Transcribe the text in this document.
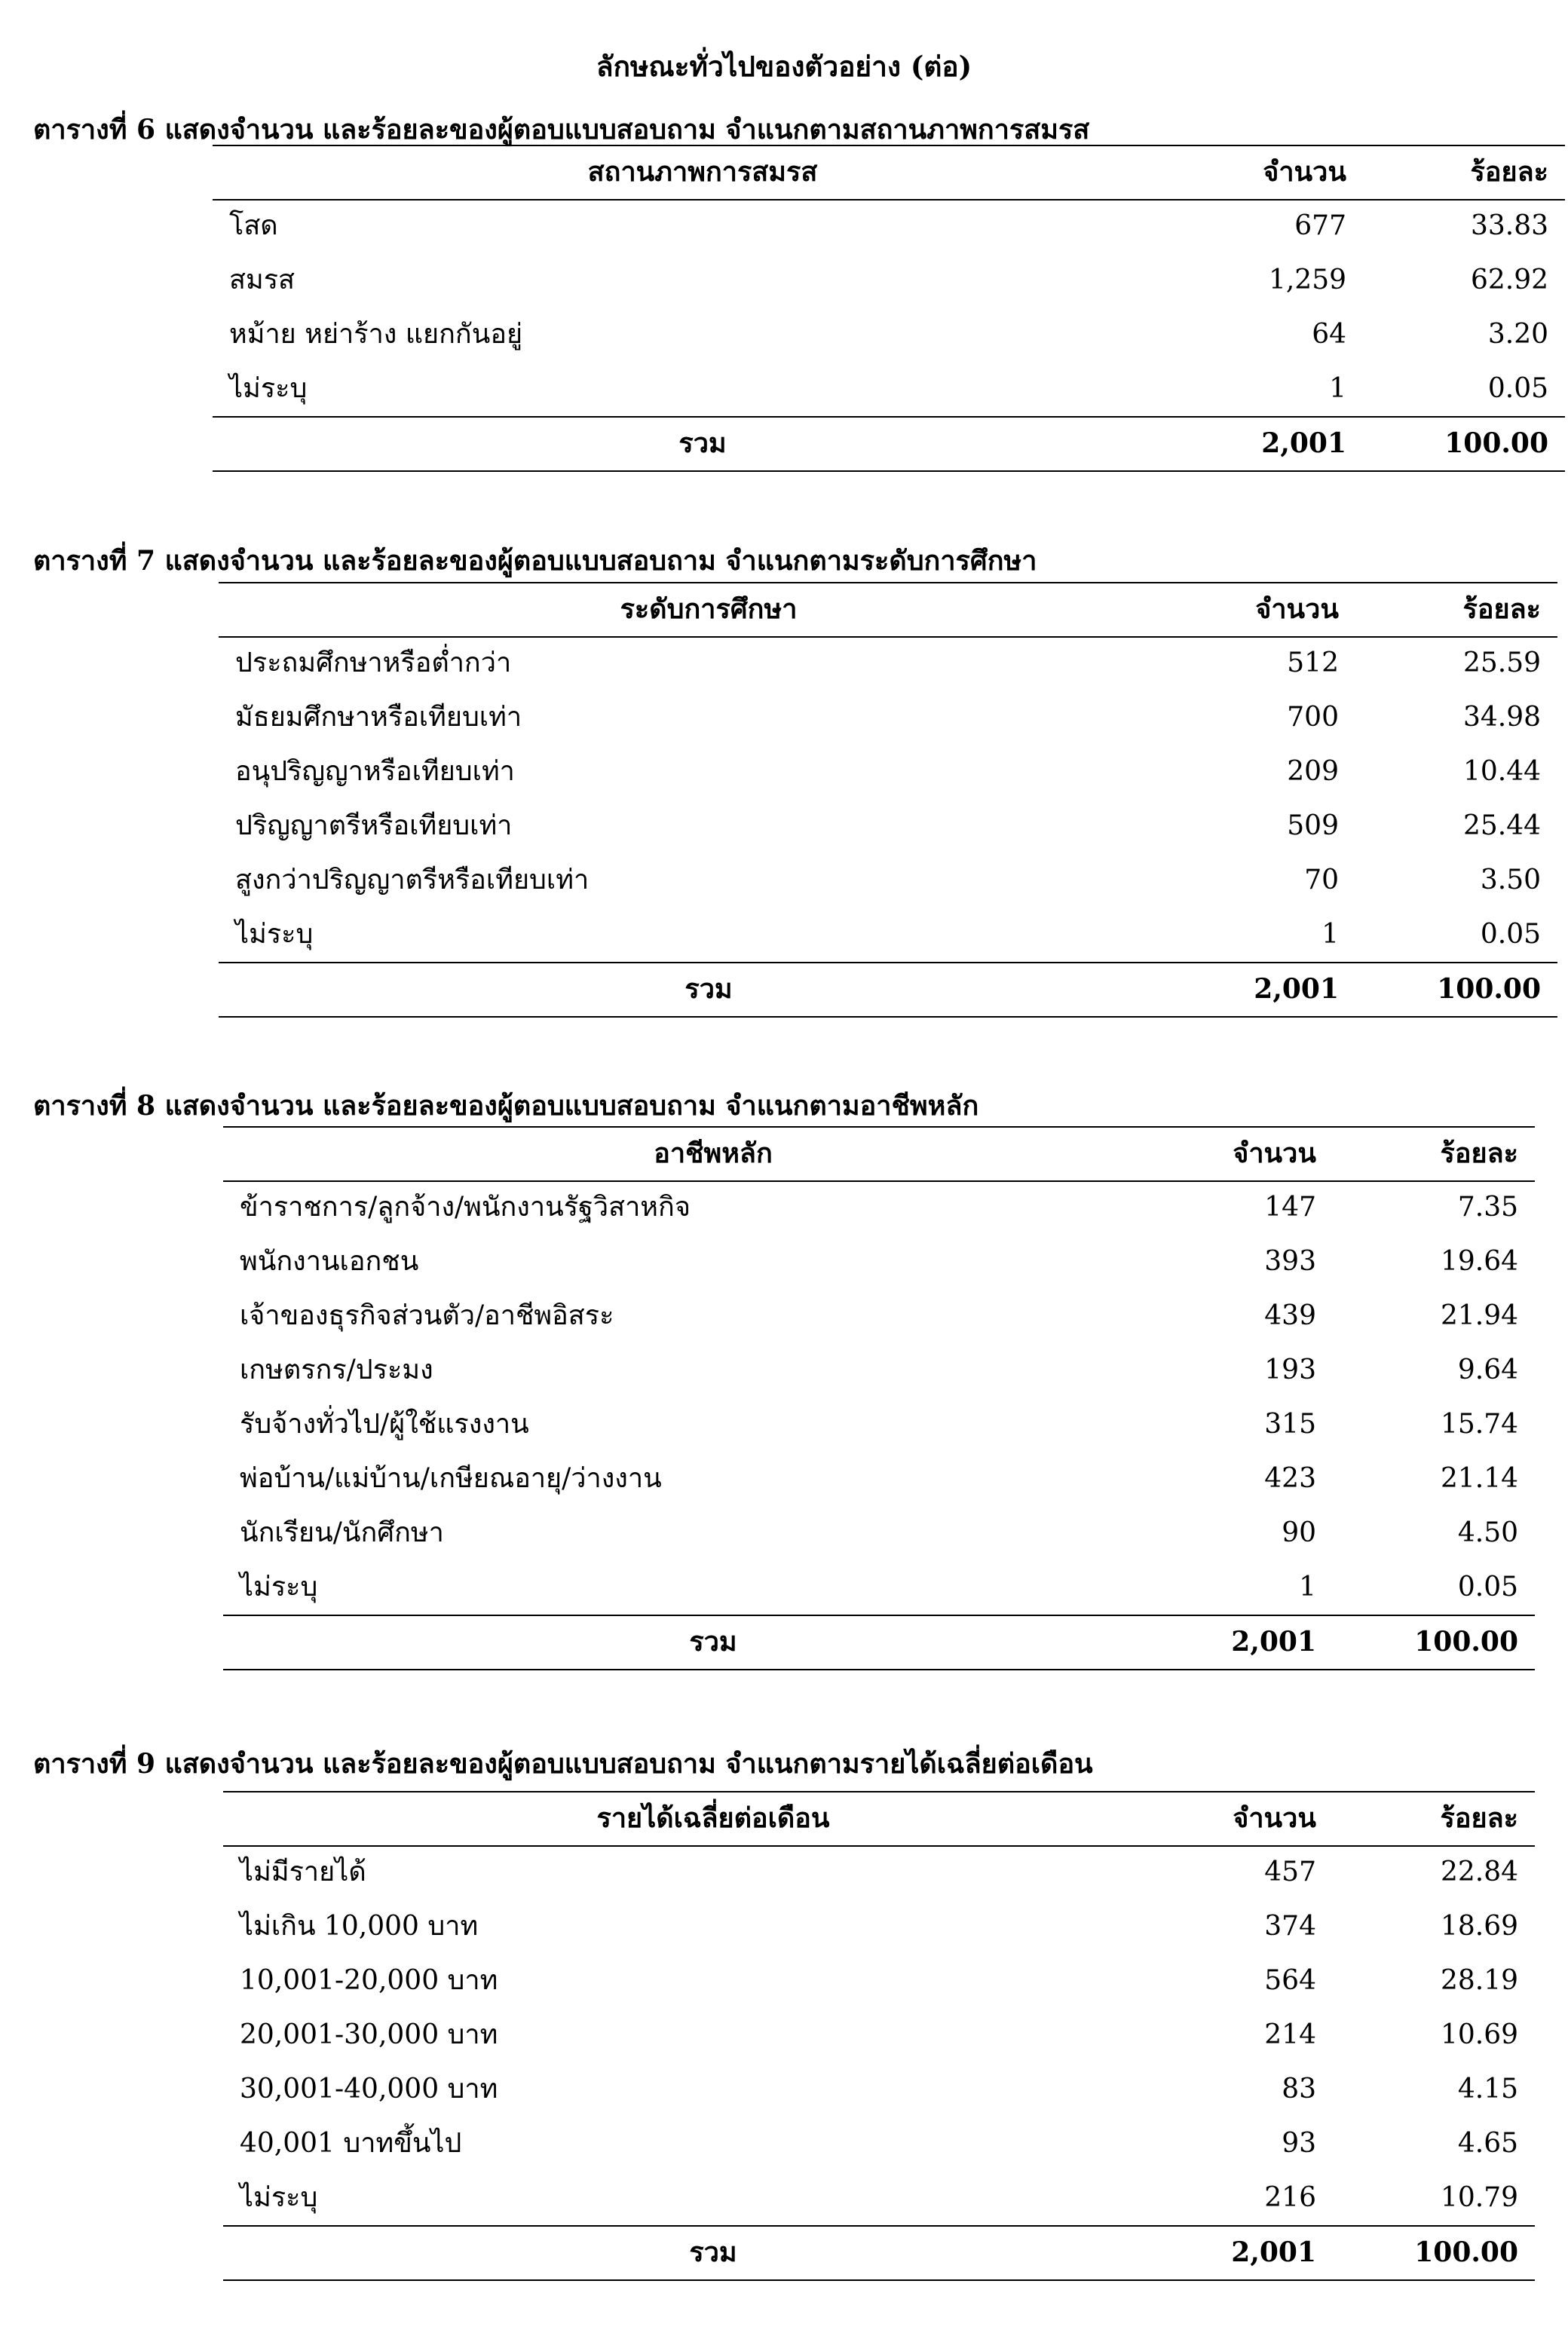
ลักษณะทั่วไปของตัวอย่าง (ต่อ)
ตารางที่ 6 แสดงจำนวน และร้อยละของผู้ตอบแบบสอบถาม จำแนกตามสถานภาพการสมรส
สถานภาพการสมรส	จำนวน	ร้อยละ
โสด	677	33.83
สมรส	1,259	62.92
หม้าย หย่าร้าง แยกกันอยู่	64	3.20
ไม่ระบุ	1	0.05
รวม	2,001	100.00
ตารางที่ 7 แสดงจำนวน และร้อยละของผู้ตอบแบบสอบถาม จำแนกตามระดับการศึกษา
ระดับการศึกษา	จำนวน	ร้อยละ
ประถมศึกษาหรือต่ำกว่า	512	25.59
มัธยมศึกษาหรือเทียบเท่า	700	34.98
อนุปริญญาหรือเทียบเท่า	209	10.44
ปริญญาตรีหรือเทียบเท่า	509	25.44
สูงกว่าปริญญาตรีหรือเทียบเท่า	70	3.50
ไม่ระบุ	1	0.05
รวม	2,001	100.00
ตารางที่ 8 แสดงจำนวน และร้อยละของผู้ตอบแบบสอบถาม จำแนกตามอาชีพหลัก
อาชีพหลัก	จำนวน	ร้อยละ
ข้าราชการ/ลูกจ้าง/พนักงานรัฐวิสาหกิจ	147	7.35
พนักงานเอกชน	393	19.64
เจ้าของธุรกิจส่วนตัว/อาชีพอิสระ	439	21.94
เกษตรกร/ประมง	193	9.64
รับจ้างทั่วไป/ผู้ใช้แรงงาน	315	15.74
พ่อบ้าน/แม่บ้าน/เกษียณอายุ/ว่างงาน	423	21.14
นักเรียน/นักศึกษา	90	4.50
ไม่ระบุ	1	0.05
รวม	2,001	100.00
ตารางที่ 9 แสดงจำนวน และร้อยละของผู้ตอบแบบสอบถาม จำแนกตามรายได้เฉลี่ยต่อเดือน
รายได้เฉลี่ยต่อเดือน	จำนวน	ร้อยละ
ไม่มีรายได้	457	22.84
ไม่เกิน 10,000 บาท	374	18.69
10,001-20,000 บาท	564	28.19
20,001-30,000 บาท	214	10.69
30,001-40,000 บาท	83	4.15
40,001 บาทขึ้นไป	93	4.65
ไม่ระบุ	216	10.79
รวม	2,001	100.00
